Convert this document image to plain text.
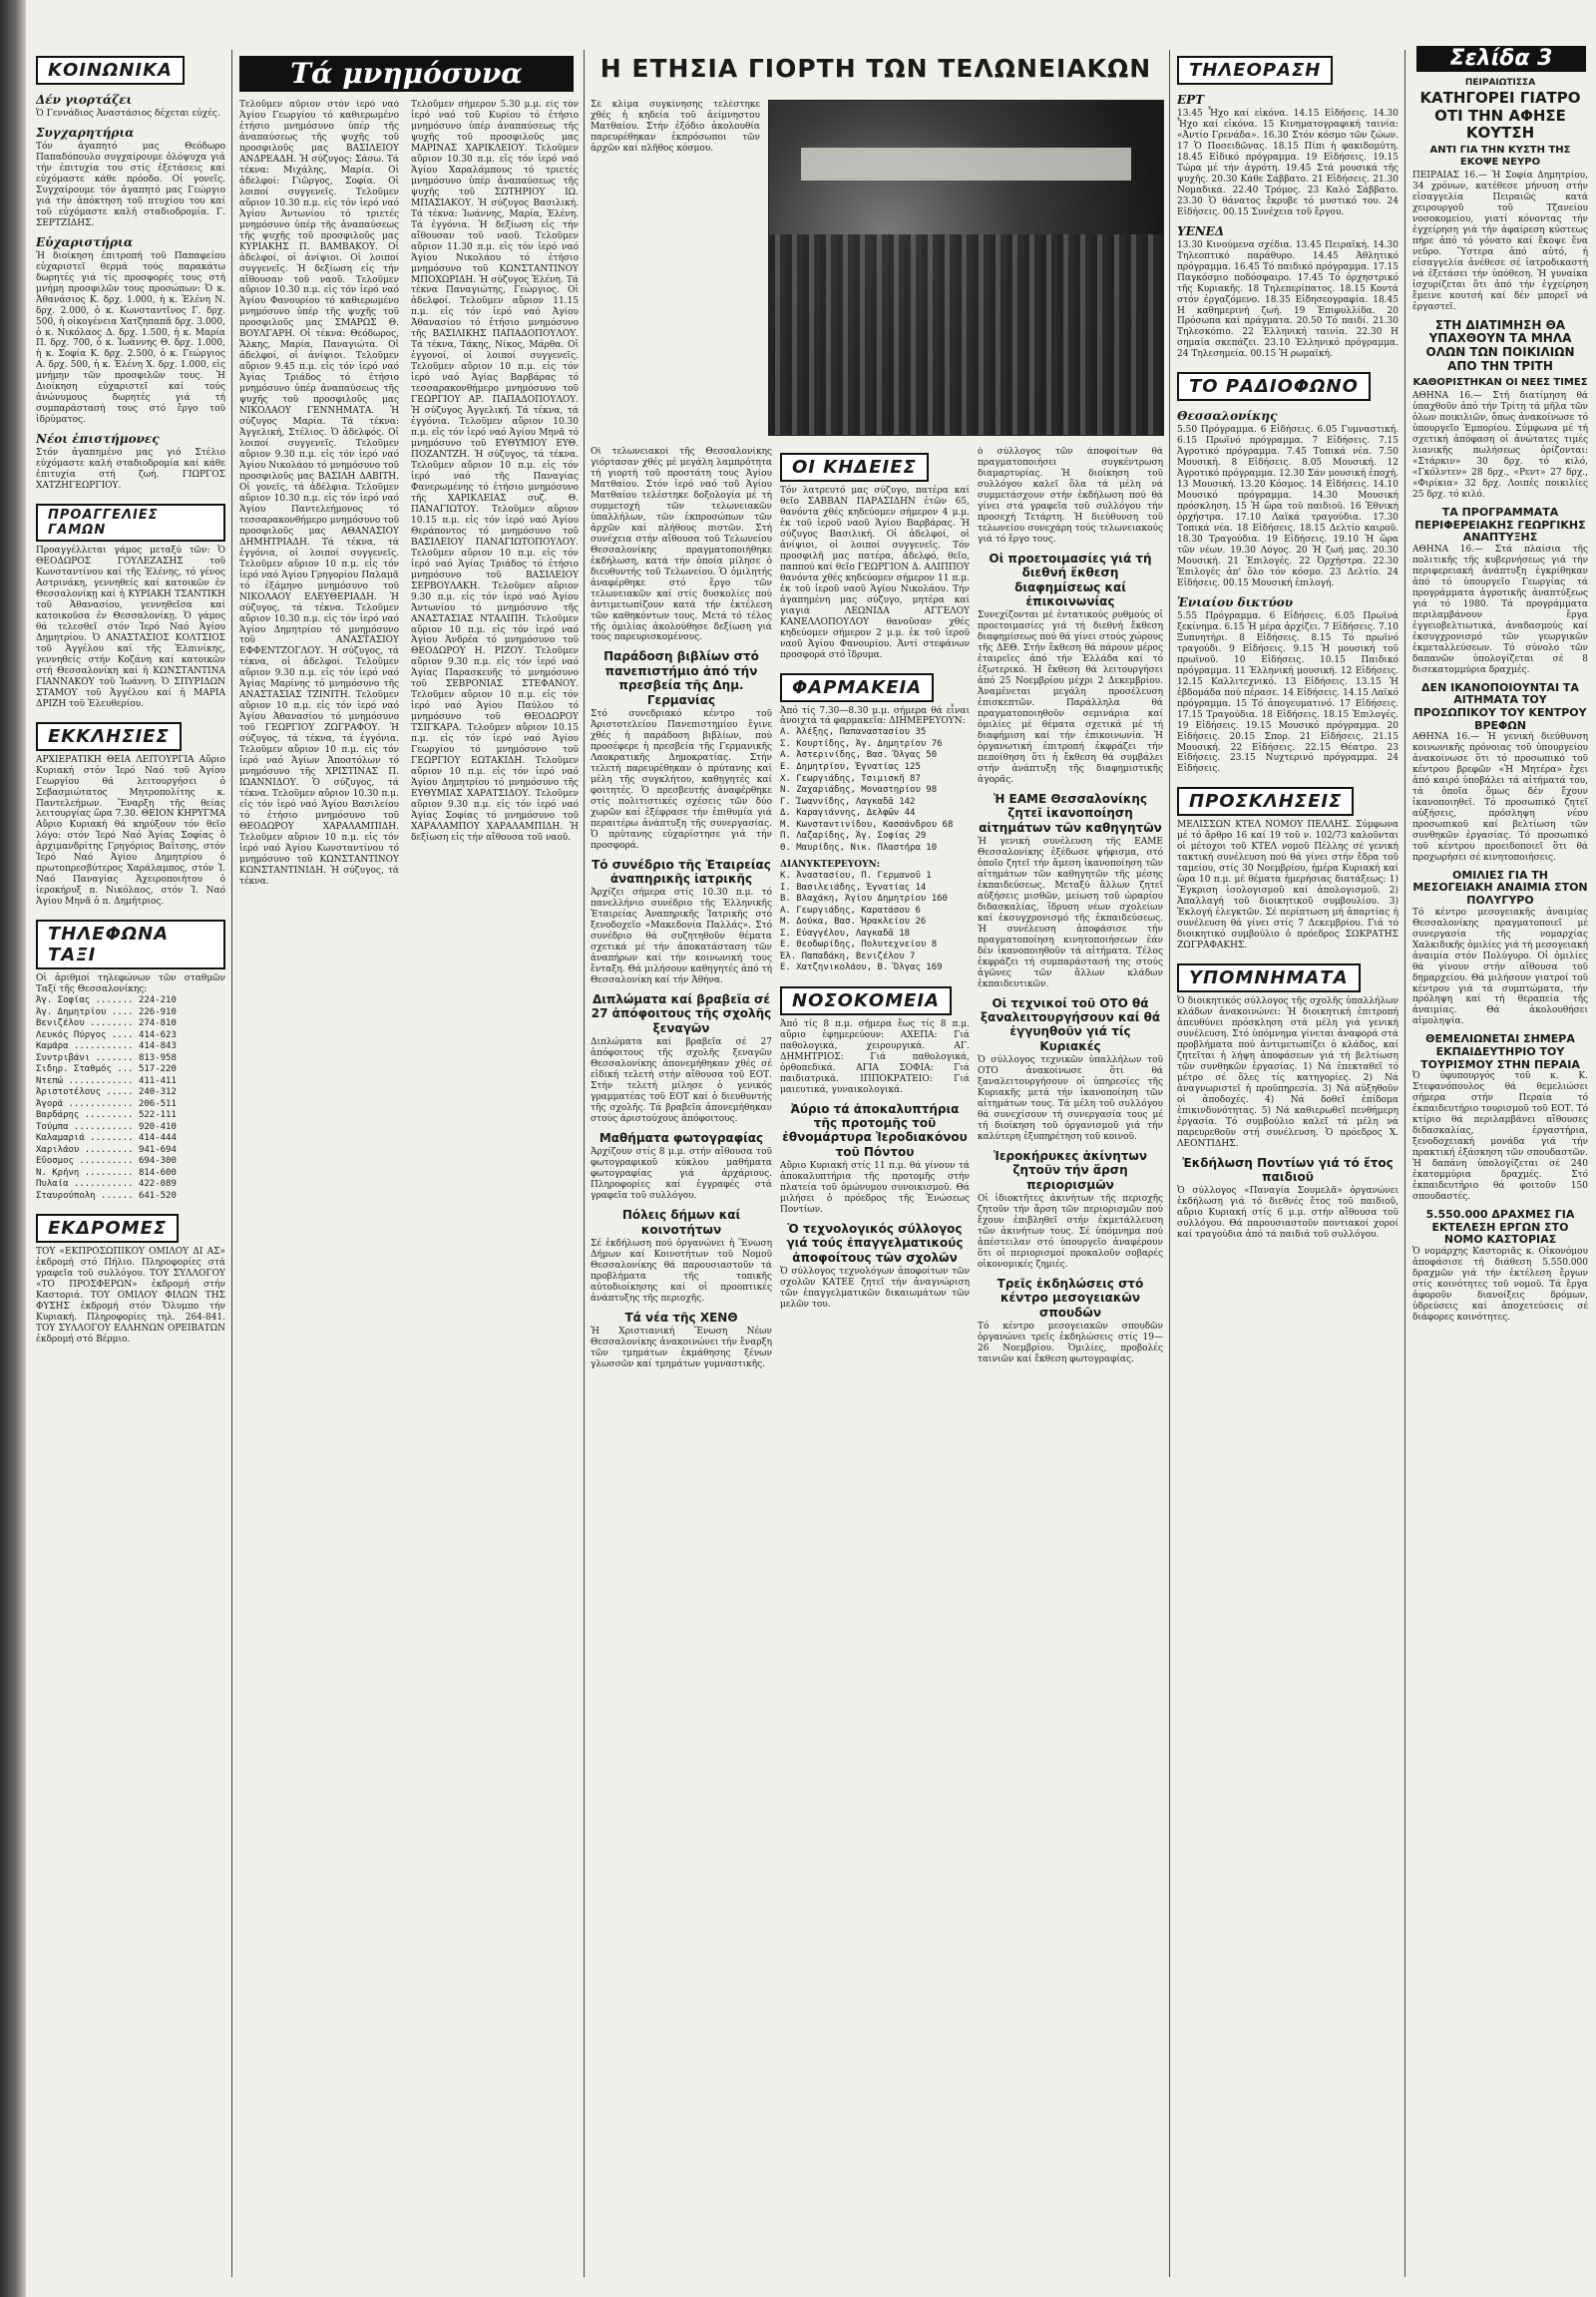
ΚΟΙΝΩΝΙΚΑ
Δέν γιορτάζει
Ὁ Γεννάδιος Ἀναστάσιος δέχεται εὐχές.
Συγχαρητήρια
Τόν ἀγαπητό μας Θεόδωρο Παπαδόπουλο συγχαίρουμε ὁλόψυχα γιά τήν ἐπιτυχία του στίς ἐξετάσεις καί εὐχόμαστε κάθε πρόοδο. Οἱ γονεῖς. Συγχαίρουμε τόν ἀγαπητό μας Γεώργιο γιά τήν ἀπόκτηση τοῦ πτυχίου του καί τοῦ εὐχόμαστε καλή σταδιοδρομία. Γ. ΣΕΡΤΖΙΔΗΣ.
Εὐχαριστήρια
Ἡ διοίκηση ἐπιτροπή τοῦ Παπαφείου εὐχαριστεῖ θερμά τούς παρακάτω δωρητές γιά τίς προσφορές τους στή μνήμη προσφιλῶν τους προσώπων: Ὁ κ. Ἀθανάσιος Κ. δρχ. 1.000, ἡ κ. Ἑλένη Ν. δρχ. 2.000, ὁ κ. Κωνσταντῖνος Γ. δρχ. 500, ἡ οἰκογένεια Χατζηπαπᾶ δρχ. 3.000, ὁ κ. Νικόλαος Δ. δρχ. 1.500, ἡ κ. Μαρία Π. δρχ. 700, ὁ κ. Ἰωάννης Θ. δρχ. 1.000, ἡ κ. Σοφία Κ. δρχ. 2.500, ὁ κ. Γεώργιος Α. δρχ. 500, ἡ κ. Ἑλένη Χ. δρχ. 1.000, εἰς μνήμην τῶν προσφιλῶν τους. Ἡ Διοίκηση εὐχαριστεῖ καί τούς ἀνώνυμους δωρητές γιά τή συμπαράστασή τους στό ἔργο τοῦ ἱδρύματος.
Νέοι ἐπιστήμονες
Στόν ἀγαπημένο μας γιό Στέλιο εὐχόμαστε καλή σταδιοδρομία καί κάθε ἐπιτυχία στή ζωή. ΓΙΩΡΓΟΣ ΧΑΤΖΗΓΕΩΡΓΙΟΥ.
ΠΡΟΑΓΓΕΛΙΕΣ ΓΑΜΩΝ
Προαγγέλλεται γάμος μεταξύ τῶν: Ὁ ΘΕΟΔΩΡΟΣ ΓΟΥΛΕΖΑΣΗΣ τοῦ Κωνσταντίνου καί τῆς Ἑλένης, τό γένος Αστρινάκη, γεννηθείς καί κατοικῶν ἐν Θεσσαλονίκῃ καί ἡ ΚΥΡΙΑΚΗ ΤΣΑΝΤΙΚΗ τοῦ Ἀθανασίου, γεννηθεῖσα καί κατοικοῦσα ἐν Θεσσαλονίκῃ. Ὁ γάμος θά τελεσθεῖ στόν Ἱερό Ναό Ἁγίου Δημητρίου. Ὁ ΑΝΑΣΤΑΣΙΟΣ ΚΟΛΤΣΙΟΣ τοῦ Ἀγγέλου καί τῆς Ἐλπινίκης, γεννηθείς στήν Κοζάνη καί κατοικῶν στή Θεσσαλονίκη καί ἡ ΚΩΝΣΤΑΝΤΙΝΑ ΓΙΑΝΝΑΚΟΥ τοῦ Ἰωάννη. Ὁ ΣΠΥΡΙΔΩΝ ΣΤΑΜΟΥ τοῦ Ἀγγέλου καί ἡ ΜΑΡΙΑ ΔΡΙΖΗ τοῦ Ἐλευθερίου.
ΕΚΚΛΗΣΙΕΣ
ΑΡΧΙΕΡΑΤΙΚΗ ΘΕΙΑ ΛΕΙΤΟΥΡΓΙΑ Αὔριο Κυριακή στόν Ἱερό Ναό τοῦ Ἁγίου Γεωργίου θά λειτουργήσει ὁ Σεβασμιώτατος Μητροπολίτης κ. Παντελεήμων. Ἔναρξη τῆς θείας λειτουργίας ὥρα 7.30. ΘΕΙΟΝ ΚΗΡΥΓΜΑ Αὔριο Κυριακή θά κηρύξουν τόν θεῖο λόγο: στόν Ἱερό Ναό Ἁγίας Σοφίας ὁ ἀρχιμανδρίτης Γρηγόριος Βαΐτσης, στόν Ἱερό Ναό Ἁγίου Δημητρίου ὁ πρωτοπρεσβύτερος Χαράλαμπος, στόν Ἱ. Ναό Παναγίας Ἀχειροποιήτου ὁ ἱεροκήρυξ π. Νικόλαος, στόν Ἱ. Ναό Ἁγίου Μηνᾶ ὁ π. Δημήτριος.
ΤΗΛΕΦΩΝΑ ΤΑΞΙ
Οἱ ἀριθμοί τηλεφώνων τῶν σταθμῶν Ταξί τῆς Θεσσαλονίκης:
Ἀγ. Σοφίας ....... 224-210
Ἀγ. Δημητρίου .... 226-910
Βενιζέλου ........ 274-810
Λευκός Πύργος .... 414-623
Καμάρα ........... 414-843
Συντριβάνι ....... 813-958
Σιδηρ. Σταθμός ... 517-220
Ντεπώ ............ 411-411
Ἀριστοτέλους ..... 240-312
Ἀγορά ............ 206-511
Βαρδάρης ......... 522-111
Τούμπα ........... 920-410
Καλαμαριά ........ 414-444
Χαριλάου ......... 941-694
Εὔοσμος .......... 694-300
Ν. Κρήνη ......... 814-600
Πυλαία ........... 422-089
Σταυρούπολη ...... 641-520
ΕΚΔΡΟΜΕΣ
ΤΟΥ «ΕΚΠΡΟΣΩΠΙΚΟΥ ΟΜΙΛΟΥ ΔΙ ΑΣ» ἐκδρομή στό Πήλιο. Πληροφορίες στά γραφεῖα τοῦ συλλόγου. ΤΟΥ ΣΥΛΛΟΓΟΥ «ΤΟ ΠΡΟΣΦΕΡΩΝ» ἐκδρομή στήν Καστοριά. ΤΟΥ ΟΜΙΛΟΥ ΦΙΛΩΝ ΤΗΣ ΦΥΣΗΣ ἐκδρομή στόν Ὄλυμπο τήν Κυριακή. Πληροφορίες τηλ. 264-841. ΤΟΥ ΣΥΛΛΟΓΟΥ ΕΛΛΗΝΩΝ ΟΡΕΙΒΑΤΩΝ ἐκδρομή στό Βέρμιο.
Τά μνημόσυνα
Τελοῦμεν αὔριον στόν ἱερό ναό Ἁγίου Γεωργίου τό καθιερωμένο ἐτήσιο μνημόσυνο ὑπέρ τῆς ἀναπαύσεως τῆς ψυχῆς τοῦ προσφιλοῦς μας ΒΑΣΙΛΕΙΟΥ ΑΝΔΡΕΑΔΗ. Ἡ σύζυγος: Σάσω. Τά τέκνα: Μιχάλης, Μαρία. Οἱ ἀδελφοί: Γιῶργος, Σοφία. Οἱ λοιποί συγγενεῖς. Τελοῦμεν αὔριον 10.30 π.μ. εἰς τόν ἱερό ναό Ἁγίου Ἀντωνίου τό τριετές μνημόσυνο ὑπέρ τῆς ἀναπαύσεως τῆς ψυχῆς τοῦ προσφιλοῦς μας ΚΥΡΙΑΚΗΣ Π. ΒΑΜΒΑΚΟΥ. Οἱ ἀδελφοί, οἱ ἀνίψιοι. Οἱ λοιποί συγγενεῖς. Ἡ δεξίωση εἰς τήν αἴθουσαν τοῦ ναοῦ. Τελοῦμεν αὔριον 10.30 π.μ. εἰς τόν ἱερό ναό Ἁγίου Φανουρίου τό καθιερωμένο μνημόσυνο ὑπέρ τῆς ψυχῆς τοῦ προσφιλοῦς μας ΣΜΑΡΩΣ Θ. ΒΟΥΛΓΑΡΗ. Οἱ τέκνα: Θεόδωρος, Ἄλκης, Μαρία, Παναγιώτα. Οἱ ἀδελφοί, οἱ ἀνίψιοι. Τελοῦμεν αὔριον 9.45 π.μ. εἰς τόν ἱερό ναό Ἁγίας Τριάδος τό ἐτήσιο μνημόσυνο ὑπέρ ἀναπαύσεως τῆς ψυχῆς τοῦ προσφιλοῦς μας ΝΙΚΟΛΑΟΥ ΓΕΝΝΗΜΑΤΑ. Ἡ σύζυγος Μαρία. Τά τέκνα: Ἀγγελική, Στέλιος. Ὁ ἀδελφός. Οἱ λοιποί συγγενεῖς. Τελοῦμεν αὔριον 9.30 π.μ. εἰς τόν ἱερό ναό Ἁγίου Νικολάου τό μνημόσυνο τοῦ προσφιλοῦς μας ΒΑΣΙΛΗ ΔΑΒΙΤΗ. Οἱ γονεῖς, τά ἀδέλφια. Τελοῦμεν αὔριον 10.30 π.μ. εἰς τόν ἱερό ναό Ἁγίου Παντελεήμονος τό τεσσαρακονθήμερο μνημόσυνο τοῦ προσφιλοῦς μας ΑΘΑΝΑΣΙΟΥ ΔΗΜΗΤΡΙΑΔΗ. Τά τέκνα, τά ἐγγόνια, οἱ λοιποί συγγενεῖς. Τελοῦμεν αὔριον 10 π.μ. εἰς τόν ἱερό ναό Ἁγίου Γρηγορίου Παλαμᾶ τό ἐξάμηνο μνημόσυνο τοῦ ΝΙΚΟΛΑΟΥ ΕΛΕΥΘΕΡΙΑΔΗ. Ἡ σύζυγος, τά τέκνα. Τελοῦμεν αὔριον 10.30 π.μ. εἰς τόν ἱερό ναό Ἁγίου Δημητρίου τό μνημόσυνο τοῦ ΑΝΑΣΤΑΣΙΟΥ ΕΦΦΕΝΤΖΟΓΛΟΥ. Ἡ σύζυγος, τά τέκνα, οἱ ἀδελφοί. Τελοῦμεν αὔριον 9.30 π.μ. εἰς τόν ἱερό ναό Ἁγίας Μαρίνης τό μνημόσυνο τῆς ΑΝΑΣΤΑΣΙΑΣ ΤΖΙΝΙΤΗ. Τελοῦμεν αὔριον 10 π.μ. εἰς τόν ἱερό ναό Ἁγίου Ἀθανασίου τό μνημόσυνο τοῦ ΓΕΩΡΓΙΟΥ ΖΩΓΡΑΦΟΥ. Ἡ σύζυγος, τά τέκνα, τά ἐγγόνια. Τελοῦμεν αὔριον 10 π.μ. εἰς τόν ἱερό ναό Ἁγίων Ἀποστόλων τό μνημόσυνο τῆς ΧΡΙΣΤΙΝΑΣ Π. ΙΩΑΝΝΙΔΟΥ. Ὁ σύζυγος, τά τέκνα. Τελοῦμεν αὔριον 10.30 π.μ. εἰς τόν ἱερό ναό Ἁγίου Βασιλείου τό ἐτήσιο μνημόσυνο τοῦ ΘΕΟΔΩΡΟΥ ΧΑΡΑΛΑΜΠΙΔΗ. Τελοῦμεν αὔριον 10 π.μ. εἰς τόν ἱερό ναό Ἁγίου Κωνσταντίνου τό μνημόσυνο τοῦ ΚΩΝΣΤΑΝΤΙΝΟΥ ΚΩΝΣΤΑΝΤΙΝΙΔΗ. Ἡ σύζυγος, τά τέκνα.
Τελοῦμεν σήμερον 5.30 μ.μ. εἰς τόν ἱερό ναό τοῦ Κυρίου τό ἐτήσιο μνημόσυνο ὑπέρ ἀναπαύσεως τῆς ψυχῆς τοῦ προσφιλοῦς μας ΜΑΡΙΝΑΣ ΧΑΡΙΚΛΕΙΟΥ. Τελοῦμεν αὔριον 10.30 π.μ. εἰς τόν ἱερό ναό Ἁγίου Χαραλάμπους τό τριετές μνημόσυνο ὑπέρ ἀναπαύσεως τῆς ψυχῆς τοῦ ΣΩΤΗΡΙΟΥ ΙΩ. ΜΠΑΣΙΑΚΟΥ. Ἡ σύζυγος Βασιλική. Τά τέκνα: Ἰωάννης, Μαρία, Ἑλένη. Τά ἐγγόνια. Ἡ δεξίωση εἰς τήν αἴθουσαν τοῦ ναοῦ. Τελοῦμεν αὔριον 11.30 π.μ. εἰς τόν ἱερό ναό Ἁγίου Νικολάου τό ἐτήσιο μνημόσυνο τοῦ ΚΩΝΣΤΑΝΤΙΝΟΥ ΜΠΟΧΩΡΙΔΗ. Ἡ σύζυγος Ἑλένη. Τά τέκνα Παναγιώτης, Γεώργιος. Οἱ ἀδελφοί. Τελοῦμεν αὔριον 11.15 π.μ. εἰς τόν ἱερό ναό Ἁγίου Ἀθανασίου τό ἐτήσιο μνημόσυνο τῆς ΒΑΣΙΛΙΚΗΣ ΠΑΠΑΔΟΠΟΥΛΟΥ. Τά τέκνα, Τάκης, Νίκος, Μάρθα. Οἱ ἐγγονοί, οἱ λοιποί συγγενεῖς. Τελοῦμεν αὔριον 10 π.μ. εἰς τόν ἱερό ναό Ἁγίας Βαρβάρας τό τεσσαρακονθήμερο μνημόσυνο τοῦ ΓΕΩΡΓΙΟΥ ΑΡ. ΠΑΠΑΔΟΠΟΥΛΟΥ. Ἡ σύζυγος Ἀγγελική. Τά τέκνα, τά ἐγγόνια. Τελοῦμεν αὔριον 10.30 π.μ. εἰς τόν ἱερό ναό Ἁγίου Μηνᾶ τό μνημόσυνο τοῦ ΕΥΘΥΜΙΟΥ ΕΥΘ. ΠΟΖΑΝΤΖΗ. Ἡ σύζυγος, τά τέκνα. Τελοῦμεν αὔριον 10 π.μ. εἰς τόν ἱερό ναό τῆς Παναγίας Φανερωμένης τό ἐτήσιο μνημόσυνο τῆς ΧΑΡΙΚΛΕΙΑΣ συζ. Θ. ΠΑΝΑΓΙΩΤΟΥ. Τελοῦμεν αὔριον 10.15 π.μ. εἰς τόν ἱερό ναό Ἁγίου Θεράποντος τό μνημόσυνο τοῦ ΒΑΣΙΛΕΙΟΥ ΠΑΝΑΓΙΩΤΟΠΟΥΛΟΥ. Τελοῦμεν αὔριον 10 π.μ. εἰς τόν ἱερό ναό Ἁγίας Τριάδος τό ἐτήσιο μνημόσυνο τοῦ ΒΑΣΙΛΕΙΟΥ ΣΕΡΒΟΥΛΑΚΗ. Τελοῦμεν αὔριον 9.30 π.μ. εἰς τόν ἱερό ναό Ἁγίου Ἀντωνίου τό μνημόσυνο τῆς ΑΝΑΣΤΑΣΙΑΣ ΝΤΑΛΙΠΗ. Τελοῦμεν αὔριον 10 π.μ. εἰς τόν ἱερό ναό Ἁγίου Ἀνδρέα τό μνημόσυνο τοῦ ΘΕΟΔΩΡΟΥ Η. ΡΙΖΟΥ. Τελοῦμεν αὔριον 9.30 π.μ. εἰς τόν ἱερό ναό Ἁγίας Παρασκευῆς τό μνημόσυνο τοῦ ΣΕΒΡΟΝΙΑΣ ΣΤΕΦΑΝΟΥ. Τελοῦμεν αὔριον 10 π.μ. εἰς τόν ἱερό ναό Ἁγίου Παύλου τό μνημόσυνο τοῦ ΘΕΟΔΩΡΟΥ ΤΣΙΓΚΑΡΑ. Τελοῦμεν αὔριον 10.15 π.μ. εἰς τόν ἱερό ναό Ἁγίου Γεωργίου τό μνημόσυνο τοῦ ΓΕΩΡΓΙΟΥ ΕΩΤΑΚΙΔΗ. Τελοῦμεν αὔριον 10 π.μ. εἰς τόν ἱερό ναό Ἁγίου Δημητρίου τό μνημόσυνο τῆς ΕΥΘΥΜΙΑΣ ΧΑΡΑΤΣΙΔΟΥ. Τελοῦμεν αὔριον 9.30 π.μ. εἰς τόν ἱερό ναό Ἁγίας Σοφίας τό μνημόσυνο τοῦ ΧΑΡΑΛΑΜΠΟΥ ΧΑΡΑΛΑΜΠΙΔΗ. Ἡ δεξίωση εἰς τήν αἴθουσα τοῦ ναοῦ.
Η ΕΤΗΣΙΑ ΓΙΟΡΤΗ ΤΩΝ ΤΕΛΩΝΕΙΑΚΩΝ
Σέ κλίμα συγκίνησης τελέστηκε χθές ἡ κηδεία τοῦ ἀείμνηστου Ματθαίου. Στήν ἐξόδιο ἀκολουθία παρευρέθηκαν ἐκπρόσωποι τῶν ἀρχῶν καί πλῆθος κόσμου.
Οἱ τελωνειακοί τῆς Θεσσαλονίκης γιόρτασαν χθές μέ μεγάλη λαμπρότητα τή γιορτή τοῦ προστάτη τους Ἁγίου Ματθαίου. Στόν ἱερό ναό τοῦ Ἁγίου Ματθαίου τελέστηκε δοξολογία μέ τή συμμετοχή τῶν τελωνειακῶν ὑπαλλήλων, τῶν ἐκπροσώπων τῶν ἀρχῶν καί πλήθους πιστῶν. Στή συνέχεια στήν αἴθουσα τοῦ Τελωνείου Θεσσαλονίκης πραγματοποιήθηκε ἐκδήλωση, κατά τήν ὁποία μίλησε ὁ διευθυντής τοῦ Τελωνείου. Ὁ ὁμιλητής ἀναφέρθηκε στό ἔργο τῶν τελωνειακῶν καί στίς δυσκολίες πού ἀντιμετωπίζουν κατά τήν ἐκτέλεση τῶν καθηκόντων τους. Μετά τό τέλος τῆς ὁμιλίας ἀκολούθησε δεξίωση γιά τούς παρευρισκομένους.
Παράδοση βιβλίων στό πανεπιστήμιο ἀπό τήν πρεσβεία τῆς Δημ. Γερμανίας
Στό συνεδριακό κέντρο τοῦ Ἀριστοτελείου Πανεπιστημίου ἔγινε χθές ἡ παράδοση βιβλίων, πού προσέφερε ἡ πρεσβεία τῆς Γερμανικῆς Λαοκρατικῆς Δημοκρατίας. Στήν τελετή παρευρέθηκαν ὁ πρύτανης καί μέλη τῆς συγκλήτου, καθηγητές καί φοιτητές. Ὁ πρεσβευτής ἀναφέρθηκε στίς πολιτιστικές σχέσεις τῶν δύο χωρῶν καί ἐξέφρασε τήν ἐπιθυμία γιά περαιτέρω ἀνάπτυξη τῆς συνεργασίας. Ὁ πρύτανης εὐχαρίστησε γιά τήν προσφορά.
Τό συνέδριο τῆς Ἑταιρείας ἀναπηρικῆς ἰατρικῆς
Ἀρχίζει σήμερα στίς 10.30 π.μ. τό πανελλήνιο συνέδριο τῆς Ἑλληνικῆς Ἑταιρείας Ἀναπηρικῆς Ἰατρικῆς στό ξενοδοχεῖο «Μακεδονία Παλλάς». Στό συνέδριο θά συζητηθοῦν θέματα σχετικά μέ τήν ἀποκατάσταση τῶν ἀναπήρων καί τήν κοινωνική τους ἔνταξη. Θά μιλήσουν καθηγητές ἀπό τή Θεσσαλονίκη καί τήν Ἀθήνα.
Διπλώματα καί βραβεῖα σέ 27 ἀπόφοιτους τῆς σχολῆς ξεναγῶν
Διπλώματα καί βραβεῖα σέ 27 ἀπόφοιτους τῆς σχολῆς ξεναγῶν Θεσσαλονίκης ἀπονεμήθηκαν χθές σέ εἰδική τελετή στήν αἴθουσα τοῦ ΕΟΤ. Στήν τελετή μίλησε ὁ γενικός γραμματέας τοῦ ΕΟΤ καί ὁ διευθυντής τῆς σχολῆς. Τά βραβεῖα ἀπονεμήθηκαν στούς ἀριστούχους ἀπόφοιτους.
Μαθήματα φωτογραφίας
Ἀρχίζουν στίς 8 μ.μ. στήν αἴθουσα τοῦ φωτογραφικοῦ κύκλου μαθήματα φωτογραφίας γιά ἀρχάριους. Πληροφορίες καί ἐγγραφές στά γραφεῖα τοῦ συλλόγου.
Πόλεις δήμων καί κοινοτήτων
Σέ ἐκδήλωση πού ὀργανώνει ἡ Ἕνωση Δήμων καί Κοινοτήτων τοῦ Νομοῦ Θεσσαλονίκης θά παρουσιαστοῦν τά προβλήματα τῆς τοπικῆς αὐτοδιοίκησης καί οἱ προοπτικές ἀνάπτυξης τῆς περιοχῆς.
Τά νέα τῆς ΧΕΝΘ
Ἡ Χριστιανική Ἕνωση Νέων Θεσσαλονίκης ἀνακοινώνει τήν ἔναρξη τῶν τμημάτων ἐκμάθησης ξένων γλωσσῶν καί τμημάτων γυμναστικῆς.
ΟΙ ΚΗΔΕΙΕΣ
Τόν λατρευτό μας σύζυγο, πατέρα καί θεῖο ΣΑΒΒΑΝ ΠΑΡΑΣΙΔΗΝ ἐτῶν 65, θανόντα χθές κηδεύομεν σήμερον 4 μ.μ. ἐκ τοῦ ἱεροῦ ναοῦ Ἁγίου Βαρβάρας. Ἡ σύζυγος Βασιλική. Οἱ ἀδελφοί, οἱ ἀνίψιοι, οἱ λοιποί συγγενεῖς. Τόν προσφιλῆ μας πατέρα, ἀδελφό, θεῖο, παππού καί θεῖο ΓΕΩΡΓΙΟΝ Δ. ΑΛΙΠΠΟΥ θανόντα χθές κηδεύομεν σήμερον 11 π.μ. ἐκ τοῦ ἱεροῦ ναοῦ Ἁγίου Νικολάου. Τήν ἀγαπημένη μας σύζυγο, μητέρα καί γιαγιά ΛΕΩΝΙΔΑ ΑΓΓΕΛΟΥ ΚΑΝΕΛΛΟΠΟΥΛΟΥ θανοῦσαν χθές κηδεύομεν σήμερον 2 μ.μ. ἐκ τοῦ ἱεροῦ ναοῦ Ἁγίου Φανουρίου. Ἀντί στεφάνων προσφορά στό ἵδρυμα.
ΦΑΡΜΑΚΕΙΑ
Ἀπό τίς 7.30—8.30 μ.μ. σήμερα θά εἶναι ἀνοιχτά τά φαρμακεῖα: ΔΙΗΜΕΡΕΥΟΥΝ:
Α. Ἀλέξης, Παπαναστασίου 35
Σ. Κουρτίδης, Ἁγ. Δημητρίου 76
Α. Ἀστερινίδης, Βασ. Ὄλγας 50
Ε. Δημητρίου, Ἐγνατίας 125
Χ. Γεωργιάδης, Τσιμισκῆ 87
Ν. Ζαχαριάδης, Μοναστηρίου 98
Γ. Ἰωαννίδης, Λαγκαδᾶ 142
Δ. Καραγιάννης, Δελφῶν 44
Μ. Κωνσταντινίδου, Κασσάνδρου 68
Π. Λαζαρίδης, Ἁγ. Σοφίας 29
Θ. Μαυρίδης, Νικ. Πλαστήρα 10
ΔΙΑΝΥΚΤΕΡΕΥΟΥΝ:
Κ. Ἀναστασίου, Π. Γερμανοῦ 1
Ι. Βασιλειάδης, Ἐγνατίας 14
Β. Βλαχάκη, Ἁγίου Δημητρίου 160
Α. Γεωργιάδης, Καρατάσου 6
Μ. Δούκα, Βασ. Ἠρακλείου 26
Σ. Εὐαγγέλου, Λαγκαδᾶ 18
Ε. Θεοδωρίδης, Πολυτεχνείου 8
Ἐλ. Παπαδάκη, Βενιζέλου 7
Ε. Χατζηνικολάου, Β. Ὄλγας 169
ΝΟΣΟΚΟΜΕΙΑ
Ἀπό τίς 8 π.μ. σήμερα ἕως τίς 8 π.μ. αὔριο ἐφημερεύουν: ΑΧΕΠΑ: Γιά παθολογικά, χειρουργικά. ΑΓ. ΔΗΜΗΤΡΙΟΣ: Γιά παθολογικά, ὀρθοπεδικά. ΑΓΙΑ ΣΟΦΙΑ: Γιά παιδιατρικά. ΙΠΠΟΚΡΑΤΕΙΟ: Γιά μαιευτικά, γυναικολογικά.
Ἀύριο τά ἀποκαλυπτήρια τῆς προτομῆς τοῦ ἐθνομάρτυρα Ἰεροδιακόνου τοῦ Πόντου
Αὔριο Κυριακή στίς 11 π.μ. θά γίνουν τά ἀποκαλυπτήρια τῆς προτομῆς στήν πλατεία τοῦ ὁμώνυμου συνοικισμοῦ. Θά μιλήσει ὁ πρόεδρος τῆς Ἑνώσεως Ποντίων.
Ὁ τεχνολογικός σύλλογος γιά τούς ἐπαγγελματικούς ἀποφοίτους τῶν σχολῶν
Ὁ σύλλογος τεχνολόγων ἀποφοίτων τῶν σχολῶν ΚΑΤΕΕ ζητεῖ τήν ἀναγνώριση τῶν ἐπαγγελματικῶν δικαιωμάτων τῶν μελῶν του.
ὁ σύλλογος τῶν ἀποφοίτων θά πραγματοποιήσει συγκέντρωση διαμαρτυρίας. Ἡ διοίκηση τοῦ συλλόγου καλεῖ ὅλα τά μέλη νά συμμετάσχουν στήν ἐκδήλωση πού θά γίνει στά γραφεῖα τοῦ συλλόγου τήν προσεχή Τετάρτη. Ἡ διεύθυνση τοῦ τελωνείου συνεχάρη τούς τελωνειακούς γιά τό ἔργο τους.
Οἱ προετοιμασίες γιά τή διεθνή ἔκθεση διαφημίσεως καί ἐπικοινωνίας
Συνεχίζονται μέ ἐντατικούς ρυθμούς οἱ προετοιμασίες γιά τή διεθνή ἔκθεση διαφημίσεως πού θά γίνει στούς χώρους τῆς ΔΕΘ. Στήν ἔκθεση θά πάρουν μέρος ἑταιρεῖες ἀπό τήν Ἑλλάδα καί τό ἐξωτερικό. Ἡ ἔκθεση θά λειτουργήσει ἀπό 25 Νοεμβρίου μέχρι 2 Δεκεμβρίου. Ἀναμένεται μεγάλη προσέλευση ἐπισκεπτῶν. Παράλληλα θά πραγματοποιηθοῦν σεμινάρια καί ὁμιλίες μέ θέματα σχετικά μέ τή διαφήμιση καί τήν ἐπικοινωνία. Ἡ ὀργανωτική ἐπιτροπή ἐκφράζει τήν πεποίθηση ὅτι ἡ ἔκθεση θά συμβάλει στήν ἀνάπτυξη τῆς διαφημιστικῆς ἀγορᾶς.
Ἡ ΕΑΜΕ Θεσσαλονίκης ζητεῖ ἱκανοποίηση αἰτημάτων τῶν καθηγητῶν
Ἡ γενική συνέλευση τῆς ΕΑΜΕ Θεσσαλονίκης ἐξέδωσε ψήφισμα, στό ὁποῖο ζητεῖ τήν ἄμεση ἱκανοποίηση τῶν αἰτημάτων τῶν καθηγητῶν τῆς μέσης ἐκπαιδεύσεως. Μεταξύ ἄλλων ζητεῖ αὐξήσεις μισθῶν, μείωση τοῦ ὡραρίου διδασκαλίας, ἵδρυση νέων σχολείων καί ἐκσυγχρονισμό τῆς ἐκπαιδεύσεως. Ἡ συνέλευση ἀποφάσισε τήν πραγματοποίηση κινητοποιήσεων ἐάν δέν ἱκανοποιηθοῦν τά αἰτήματα. Τέλος ἐκφράζει τή συμπαράστασή της στούς ἀγῶνες τῶν ἄλλων κλάδων ἐκπαιδευτικῶν.
Οἱ τεχνικοί τοῦ ΟΤΟ θά ξαναλειτουργήσουν καί θά ἐγγυηθοῦν γιά τίς Κυριακές
Ὁ σύλλογος τεχνικῶν ὑπαλλήλων τοῦ ΟΤΟ ἀνακοίνωσε ὅτι θά ξαναλειτουργήσουν οἱ ὑπηρεσίες τῆς Κυριακῆς μετά τήν ἱκανοποίηση τῶν αἰτημάτων τους. Τά μέλη τοῦ συλλόγου θά συνεχίσουν τή συνεργασία τους μέ τή διοίκηση τοῦ ὀργανισμοῦ γιά τήν καλύτερη ἐξυπηρέτηση τοῦ κοινοῦ.
Ἱεροκήρυκες ἀκίνητων ζητοῦν τήν ἄρση περιορισμῶν
Οἱ ἰδιοκτῆτες ἀκινήτων τῆς περιοχῆς ζητοῦν τήν ἄρση τῶν περιορισμῶν πού ἔχουν ἐπιβληθεῖ στήν ἐκμετάλλευση τῶν ἀκινήτων τους. Σέ ὑπόμνημα πού ἀπέστειλαν στό ὑπουργεῖο ἀναφέρουν ὅτι οἱ περιορισμοί προκαλοῦν σοβαρές οἰκονομικές ζημιές.
Τρεῖς ἐκδηλώσεις στό κέντρο μεσογειακῶν σπουδῶν
Τό κέντρο μεσογειακῶν σπουδῶν ὀργανώνει τρεῖς ἐκδηλώσεις στίς 19—26 Νοεμβρίου. Ὁμιλίες, προβολές ταινιῶν καί ἔκθεση φωτογραφίας.
ΤΗΛΕΟΡΑΣΗ
ΕΡΤ
13.45 Ἦχο καί εἰκόνα. 14.15 Εἰδήσεις. 14.30 Ἦχο καί εἰκόνα. 15 Κινηματογραφική ταινία: «Ἀντίο Γρενάδα». 16.30 Στόν κόσμο τῶν ζώων. 17 Ὁ Ποσειδῶνας. 18.15 Πίπι ἡ φακιδομύτη. 18.45 Εἰδικό πρόγραμμα. 19 Εἰδήσεις. 19.15 Τώρα μέ τήν ἀγρότη. 19.45 Στά μουσικά τῆς ψυχῆς. 20.30 Κάθε Σάββατο. 21 Εἰδήσεις. 21.30 Νομαδικά. 22.40 Τρόμος. 23 Καλό Σάββατο. 23.30 Ὁ θάνατος ἔκρυβε τό μυστικό του. 24 Εἰδήσεις. 00.15 Συνέχεια τοῦ ἔργου.
ΥΕΝΕΔ
13.30 Κινούμενα σχέδια. 13.45 Πειραϊκή. 14.30 Τηλεοπτικό παράθυρο. 14.45 Ἀθλητικό πρόγραμμα. 16.45 Τό παιδικό πρόγραμμα. 17.15 Παγκόσμιο ποδόσφαιρο. 17.45 Τό ὀρχηστρικό τῆς Κυριακῆς. 18 Τηλεπερίπατος. 18.15 Κοντά στόν ἐργαζόμενο. 18.35 Εἰδησεογραφία. 18.45 Η καθημερινή ζωή. 19 Ἐπιφυλλίδα. 20 Πρόσωπα καί πράγματα. 20.50 Τό παιδί. 21.30 Τηλεσκόπιο. 22 Ἑλληνική ταινία. 22.30 Η σημαία σκεπάζει. 23.10 Ἑλληνικό πρόγραμμα. 24 Τηλεσημεία. 00.15 Ἡ ρωμαϊκή.
ΤΟ ΡΑΔΙΟΦΩΝΟ
Θεσσαλονίκης
5.50 Πρόγραμμα. 6 Εἰδήσεις. 6.05 Γυμναστική. 6.15 Πρωϊνό πρόγραμμα. 7 Εἰδήσεις. 7.15 Ἀγροτικό πρόγραμμα. 7.45 Τοπικά νέα. 7.50 Μουσική. 8 Εἰδήσεις. 8.05 Μουσική. 12 Ἀγροτικό πρόγραμμα. 12.30 Σάν μουσική ἐποχή. 13 Μουσική. 13.20 Κόσμος. 14 Εἰδήσεις. 14.10 Μουσικό πρόγραμμα. 14.30 Μουσική πρόσκληση. 15 Ἡ ὥρα τοῦ παιδιοῦ. 16 Ἐθνική ὀρχήστρα. 17.10 Λαϊκά τραγούδια. 17.30 Τοπικά νέα. 18 Εἰδήσεις. 18.15 Δελτίο καιροῦ. 18.30 Τραγούδια. 19 Εἰδήσεις. 19.10 Ἡ ὥρα τῶν νέων. 19.30 Λόγος. 20 Ἡ ζωή μας. 20.30 Μουσική. 21 Ἐπιλογές. 22 Ὀρχήστρα. 22.30 Ἐπιλογές ἀπ' ὅλο τόν κόσμο. 23 Δελτίο. 24 Εἰδήσεις. 00.15 Μουσική ἐπιλογή.
Ἑνιαίου δικτύου
5.55 Πρόγραμμα. 6 Εἰδήσεις. 6.05 Πρωϊνά ξεκίνημα. 6.15 Ἡ μέρα ἀρχίζει. 7 Εἰδήσεις. 7.10 Ξυπνητήρι. 8 Εἰδήσεις. 8.15 Τό πρωϊνό τραγούδι. 9 Εἰδήσεις. 9.15 Ἡ μουσική τοῦ πρωϊνοῦ. 10 Εἰδήσεις. 10.15 Παιδικό πρόγραμμα. 11 Ἑλληνική μουσική. 12 Εἰδήσεις. 12.15 Καλλιτεχνικό. 13 Εἰδήσεις. 13.15 Ἡ ἑβδομάδα πού πέρασε. 14 Εἰδήσεις. 14.15 Λαϊκό πρόγραμμα. 15 Τό ἀπογευματινό. 17 Εἰδήσεις. 17.15 Τραγούδια. 18 Εἰδήσεις. 18.15 Ἐπιλογές. 19 Εἰδήσεις. 19.15 Μουσικό πρόγραμμα. 20 Εἰδήσεις. 20.15 Σπορ. 21 Εἰδήσεις. 21.15 Μουσική. 22 Εἰδήσεις. 22.15 Θέατρο. 23 Εἰδήσεις. 23.15 Νυχτερινό πρόγραμμα. 24 Εἰδήσεις.
ΠΡΟΣΚΛΗΣΕΙΣ
ΜΕΛΙΣΣΩΝ ΚΤΕΛ ΝΟΜΟΥ ΠΕΛΛΗΣ. Σύμφωνα μέ τό ἄρθρο 16 καί 19 τοῦ ν. 102/73 καλοῦνται οἱ μέτοχοι τοῦ ΚΤΕΛ νομοῦ Πέλλης σέ γενική τακτική συνέλευση πού θά γίνει στήν ἔδρα τοῦ ταμείου, στίς 30 Νοεμβρίου, ἡμέρα Κυριακή καί ὥρα 10 π.μ. μέ θέματα ἡμερήσιας διατάξεως: 1) Ἔγκριση ἰσολογισμοῦ καί ἀπολογισμοῦ. 2) Ἀπαλλαγή τοῦ διοικητικοῦ συμβουλίου. 3) Ἐκλογή ἐλεγκτῶν. Σέ περίπτωση μή ἀπαρτίας ἡ συνέλευση θά γίνει στίς 7 Δεκεμβρίου. Γιά τό διοικητικό συμβούλιο ὁ πρόεδρος ΣΩΚΡΑΤΗΣ ΖΩΓΡΑΦΑΚΗΣ.
ΥΠΟΜΝΗΜΑΤΑ
Ὁ διοικητικός σύλλογος τῆς σχολῆς ὑπαλλήλων κλάδων ἀνακοινώνει: Ἡ διοικητική ἐπιτροπή ἀπευθύνει πρόσκληση στά μέλη γιά γενική συνέλευση. Στό ὑπόμνημα γίνεται ἀναφορά στά προβλήματα πού ἀντιμετωπίζει ὁ κλάδος, καί ζητεῖται ἡ λήψη ἀποφάσεων γιά τή βελτίωση τῶν συνθηκῶν ἐργασίας. 1) Νά ἐπεκταθεῖ τό μέτρο σέ ὅλες τίς κατηγορίες. 2) Νά ἀναγνωριστεῖ ἡ προϋπηρεσία. 3) Νά αὐξηθοῦν οἱ ἀποδοχές. 4) Νά δοθεῖ ἐπίδομα ἐπικινδυνότητας. 5) Νά καθιερωθεῖ πενθήμερη ἐργασία. Τό συμβούλιο καλεῖ τά μέλη νά παρευρεθοῦν στή συνέλευση. Ὁ πρόεδρος Χ. ΛΕΟΝΤΙΔΗΣ.
Ἐκδήλωση Ποντίων γιά τό ἔτος παιδιοῦ
Ὁ σύλλογος «Παναγία Σουμελᾶ» ὀργανώνει ἐκδήλωση γιά τό διεθνές ἔτος τοῦ παιδιοῦ, αὔριο Κυριακή στίς 6 μ.μ. στήν αἴθουσα τοῦ συλλόγου. Θά παρουσιαστοῦν ποντιακοί χοροί καί τραγούδια ἀπό τά παιδιά τοῦ συλλόγου.
Σελίδα 3
ΠΕΙΡΑΙΩΤΙΣΣΑ
ΚΑΤΗΓΟΡΕΙ ΓΙΑΤΡΟ ΟΤΙ ΤΗΝ ΑΦΗΣΕ ΚΟΥΤΣΗ
ΑΝΤΙ ΓΙΑ ΤΗΝ ΚΥΣΤΗ ΤΗΣ ΕΚΟΨΕ ΝΕΥΡΟ
ΠΕΙΡΑΙΑΣ 16.— Ἡ Σοφία Δημητρίου, 34 χρόνων, κατέθεσε μήνυση στήν εἰσαγγελία Πειραιῶς κατά χειρουργοῦ τοῦ Τζανείου νοσοκομείου, γιατί κόνοντας τήν ἐγχείρηση γιά τήν ἀφαίρεση κύστεως πήρε ἀπό τό γόνατο καί ἔκοψε ἕνα νεῦρο. Ὕστερα ἀπό αὐτό, ἡ εἰσαγγελία ἀνέθεσε σέ ἰατροδικαστή νά ἐξετάσει τήν ὑπόθεση. Ἡ γυναίκα ἰσχυρίζεται ὅτι ἀπό τήν ἐγχείρηση ἔμεινε κουτσή καί δέν μπορεῖ νά ἐργαστεῖ.
ΣΤΗ ΔΙΑΤΙΜΗΣΗ ΘΑ ΥΠΑΧΘΟΥΝ ΤΑ ΜΗΛΑ ΟΛΩΝ ΤΩΝ ΠΟΙΚΙΛΙΩΝ ΑΠΟ ΤΗΝ ΤΡΙΤΗ
ΚΑΘΟΡΙΣΤΗΚΑΝ ΟΙ ΝΕΕΣ ΤΙΜΕΣ
ΑΘΗΝΑ 16.— Στή διατίμηση θά ὑπαχθοῦν ἀπό τήν Τρίτη τά μῆλα τῶν ὁλων ποικιλιῶν, ὅπως ἀνακοίνωσε τό ὑπουργεῖο Ἐμπορίου. Σύμφωνα μέ τή σχετική ἀπόφαση οἱ ἀνώτατες τιμές λιανικῆς πωλήσεως ὁρίζονται: «Στάρκιν» 30 δρχ. τό κιλό, «Γκόλντεν» 28 δρχ., «Ρεντ» 27 δρχ., «Φιρίκια» 32 δρχ. Λοιπές ποικιλίες 25 δρχ. τό κιλό.
ΤΑ ΠΡΟΓΡΑΜΜΑΤΑ ΠΕΡΙΦΕΡΕΙΑΚΗΣ ΓΕΩΡΓΙΚΗΣ ΑΝΑΠΤΥΞΗΣ
ΑΘΗΝΑ 16.— Στά πλαίσια τῆς πολιτικῆς τῆς κυβερνήσεως γιά τήν περιφερειακή ἀνάπτυξη ἐγκρίθηκαν ἀπό τό ὑπουργεῖο Γεωργίας τά προγράμματα ἀγροτικῆς ἀναπτύξεως γιά τό 1980. Τά προγράμματα περιλαμβάνουν ἔργα ἐγγειοβελτιωτικά, ἀναδασμούς καί ἐκσυγχρονισμό τῶν γεωργικῶν ἐκμεταλλεύσεων. Τό σύνολο τῶν δαπανῶν ὑπολογίζεται σέ 8 δισεκατομμύρια δραχμές.
ΔΕΝ ΙΚΑΝΟΠΟΙΟΥΝΤΑΙ ΤΑ ΑΙΤΗΜΑΤΑ ΤΟΥ ΠΡΟΣΩΠΙΚΟΥ ΤΟΥ ΚΕΝΤΡΟΥ ΒΡΕΦΩΝ
ΑΘΗΝΑ 16.— Ἡ γενική διεύθυνση κοινωνικῆς πρόνοιας τοῦ ὑπουργείου ἀνακοίνωσε ὅτι τό προσωπικό τοῦ κέντρου βρεφῶν «Ἡ Μητέρα» ἔχει ἀπό καιρό ὑποβάλει τά αἰτήματά του, τά ὁποῖα ὅμως δέν ἔχουν ἱκανοποιηθεῖ. Τό προσωπικό ζητεῖ αὐξήσεις, πρόσληψη νέου προσωπικοῦ καί βελτίωση τῶν συνθηκῶν ἐργασίας. Τό προσωπικό τοῦ κέντρου προειδοποιεῖ ὅτι θά προχωρήσει σέ κινητοποιήσεις.
ΟΜΙΛΙΕΣ ΓΙΑ ΤΗ ΜΕΣΟΓΕΙΑΚΗ ΑΝΑΙΜΙΑ ΣΤΟΝ ΠΟΛΥΓΥΡΟ
Τό κέντρο μεσογειακῆς ἀναιμίας Θεσσαλονίκης πραγματοποιεῖ μέ συνεργασία τῆς νομαρχίας Χαλκιδικῆς ὁμιλίες γιά τή μεσογειακή ἀναιμία στόν Πολύγυρο. Οἱ ὁμιλίες θά γίνουν στήν αἴθουσα τοῦ δημαρχείου. Θά μιλήσουν γιατροί τοῦ κέντρου γιά τά συμπτώματα, τήν πρόληψη καί τή θεραπεία τῆς ἀναιμίας. Θά ἀκολουθήσει αἱμοληψία.
ΘΕΜΕΛΙΩΝΕΤΑΙ ΣΗΜΕΡΑ ΕΚΠΑΙΔΕΥΤΗΡΙΟ ΤΟΥ ΤΟΥΡΙΣΜΟΥ ΣΤΗΝ ΠΕΡΑΙΑ
Ὁ ὑφυπουργός τοῦ κ. Κ. Στεφανόπουλος θά θεμελιώσει σήμερα στήν Περαία τό ἐκπαιδευτήριο τουρισμοῦ τοῦ ΕΟΤ. Τό κτίριο θά περιλαμβάνει αἴθουσες διδασκαλίας, ἐργαστήρια, ξενοδοχειακή μονάδα γιά τήν πρακτική ἐξάσκηση τῶν σπουδαστῶν. Ἡ δαπάνη ὑπολογίζεται σέ 240 ἑκατομμύρια δραχμές. Στό ἐκπαιδευτήριο θά φοιτοῦν 150 σπουδαστές.
5.550.000 ΔΡΑΧΜΕΣ ΓΙΑ ΕΚΤΕΛΕΣΗ ΕΡΓΩΝ ΣΤΟ ΝΟΜΟ ΚΑΣΤΟΡΙΑΣ
Ὁ νομάρχης Καστοριᾶς κ. Οἰκονόμου ἀποφάσισε τή διάθεση 5.550.000 δραχμῶν γιά τήν ἐκτέλεση ἔργων στίς κοινότητες τοῦ νομοῦ. Τά ἔργα ἀφοροῦν διανοίξεις δρόμων, ὑδρεύσεις καί ἀποχετεύσεις σέ διάφορες κοινότητες.
